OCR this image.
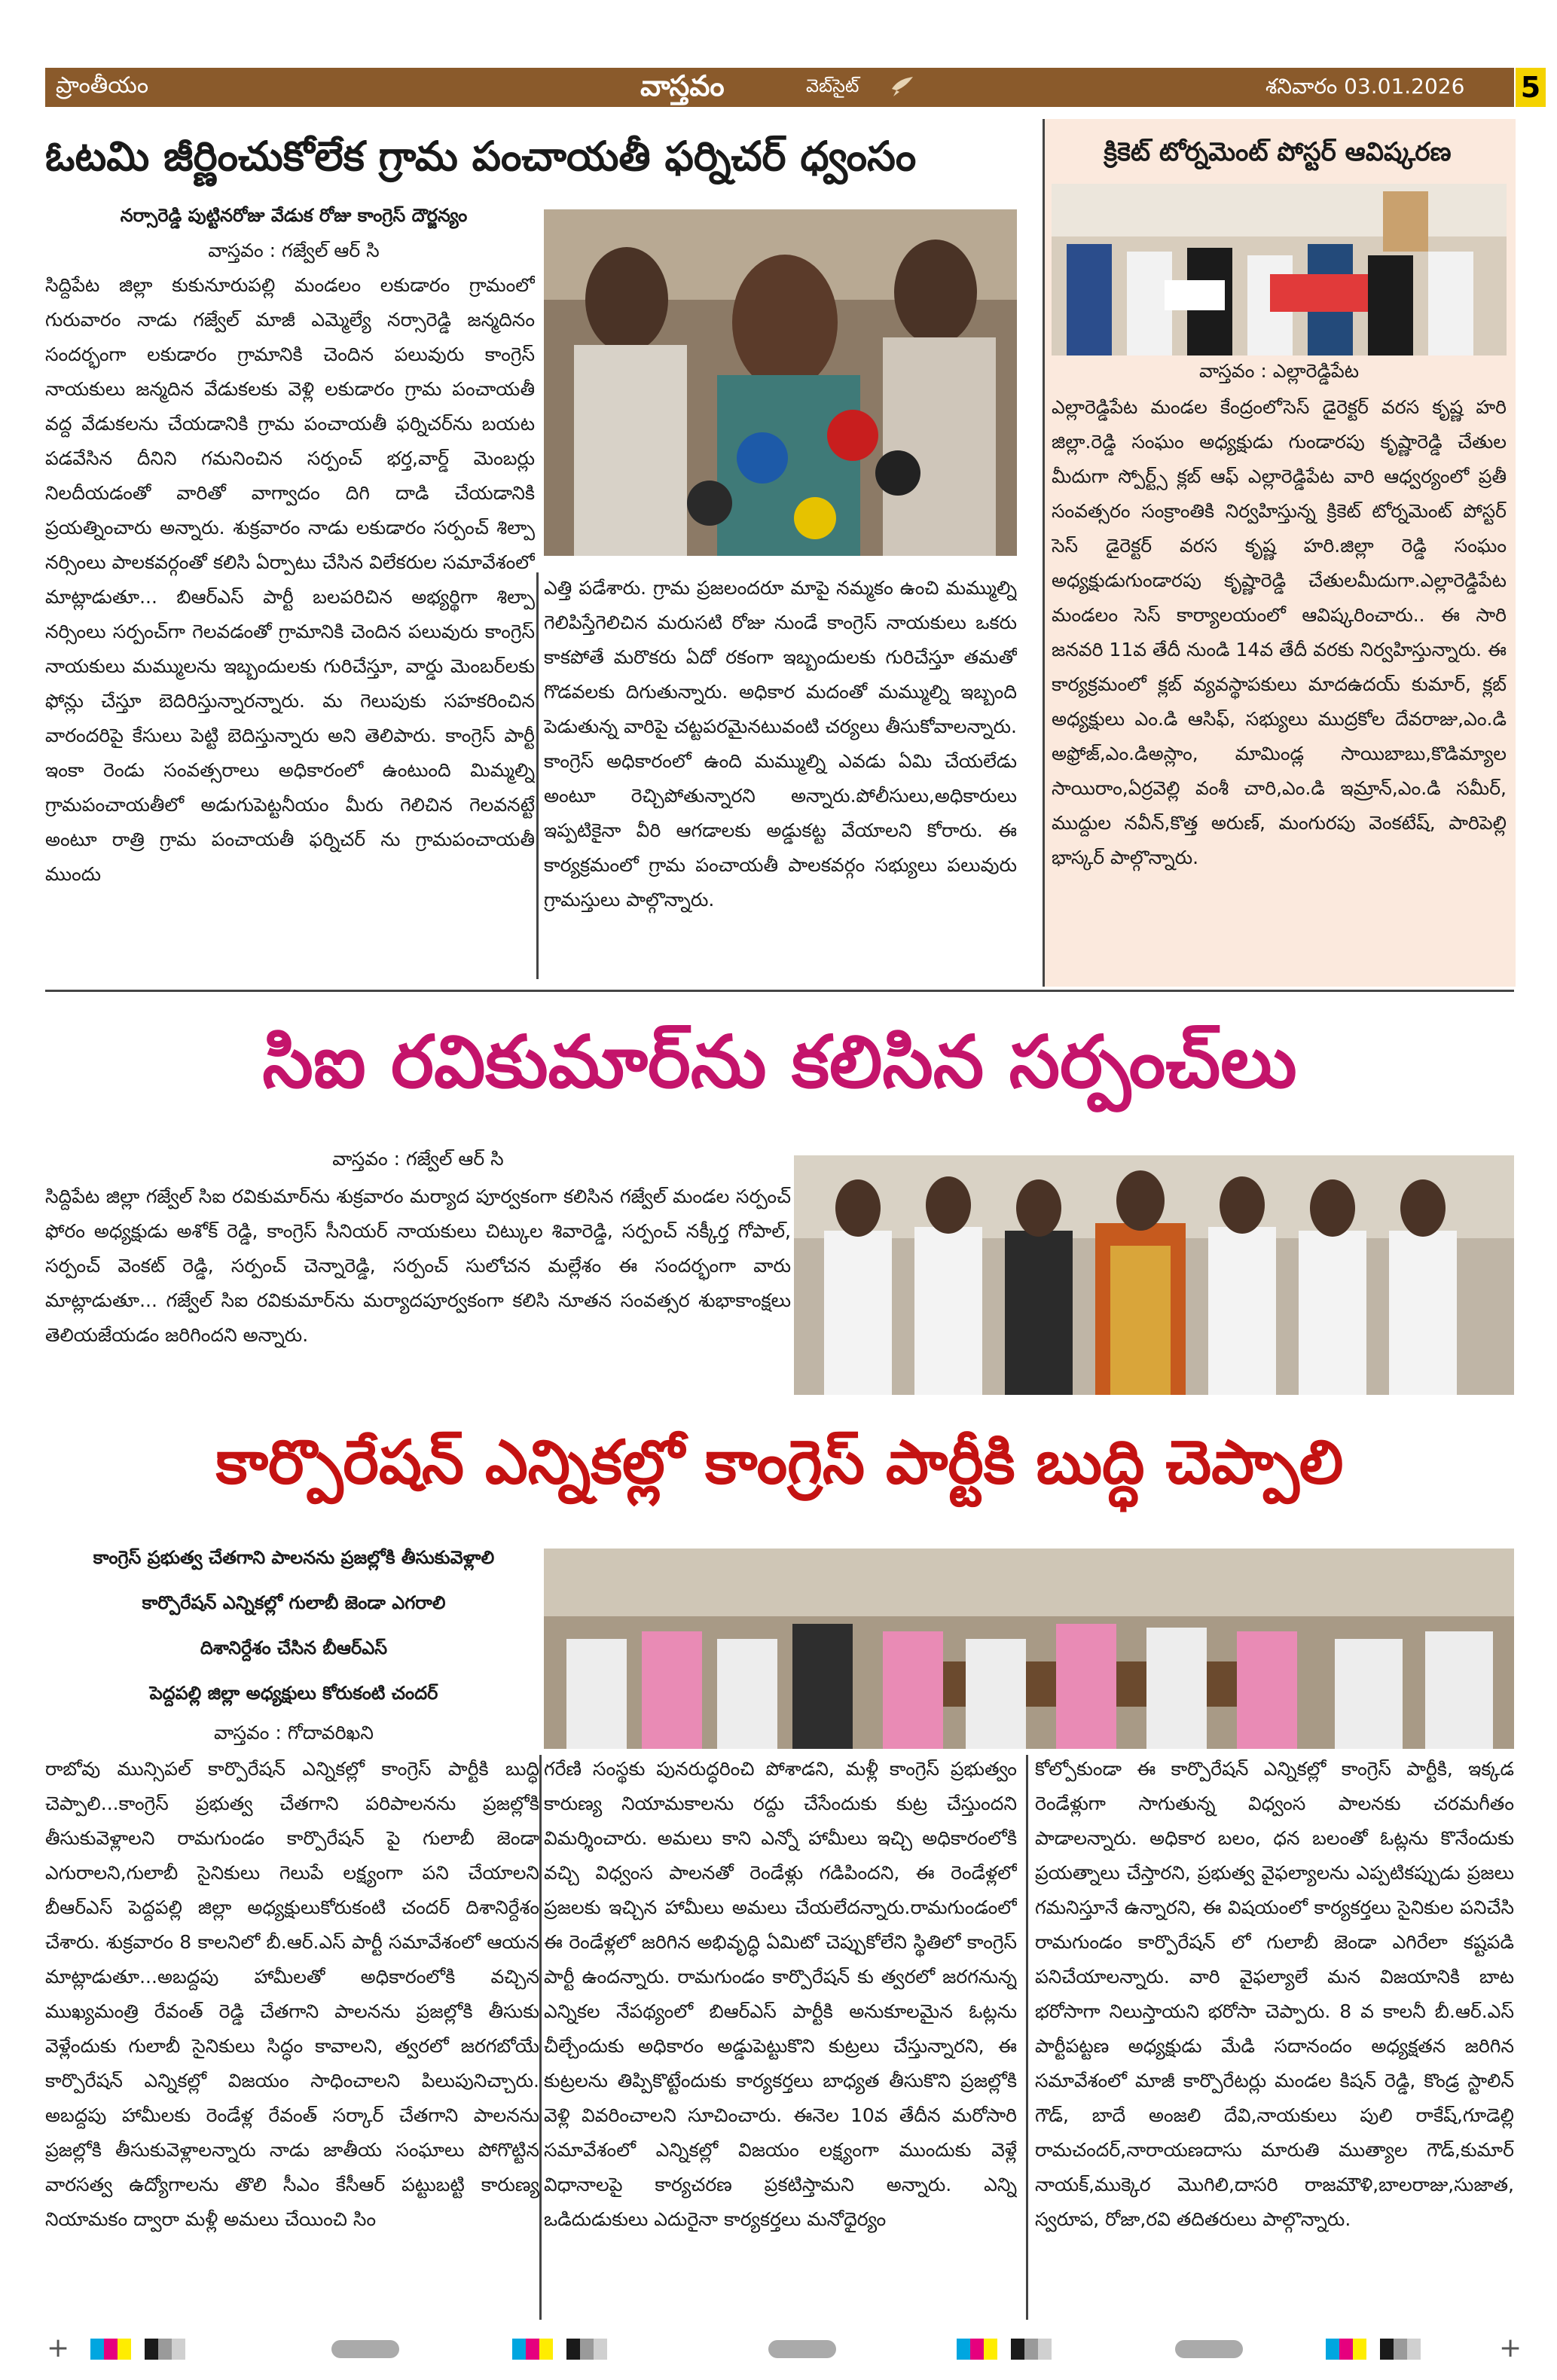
ప్రాంతీయం	వాస్తవం	వెబ్‌సైట్	శనివారం 03.01.2026 5
ఓటమి జీర్ణించుకోలేక గ్రామ పంచాయతీ ఫర్నిచర్ ధ్వంసం
నర్సారెడ్డి పుట్టినరోజు వేడుక రోజు కాంగ్రెస్ దౌర్జన్యం
వాస్తవం : గజ్వేల్ ఆర్ సి
సిద్దిపేట జిల్లా కుకునూరుపల్లి మండలం లకుడారం గ్రామంలో గురువారం నాడు గజ్వేల్ మాజీ ఎమ్మెల్యే నర్సారెడ్డి జన్మదినం సందర్భంగా లకుడారం గ్రామానికి చెందిన పలువురు కాంగ్రెస్ నాయకులు జన్మదిన వేడుకలకు వెళ్లి లకుడారం గ్రామ పంచాయతీ వద్ద వేడుకలను చేయడానికి గ్రామ పంచాయతీ ఫర్నిచర్‌ను బయట పడవేసిన దీనిని గమనించిన సర్పంచ్ భర్త,వార్డ్ మెంబర్లు నిలదీయడంతో వారితో వాగ్వాదం దిగి దాడి చేయడానికి ప్రయత్నించారు అన్నారు. శుక్రవారం నాడు లకుడారం సర్పంచ్ శిల్పా నర్సింలు పాలకవర్గంతో కలిసి ఏర్పాటు చేసిన విలేకరుల సమావేశంలో మాట్లాడుతూ... బిఆర్ఎస్ పార్టీ బలపరిచిన అభ్యర్థిగా శిల్పా నర్సింలు సర్పంచ్‌గా గెలవడంతో గ్రామానికి చెందిన పలువురు కాంగ్రెస్ నాయకులు మమ్ములను ఇబ్బందులకు గురిచేస్తూ, వార్డు మెంబర్‌లకు ఫోన్లు చేస్తూ బెదిరిస్తున్నారన్నారు. మ గెలుపుకు సహకరించిన వారందరిపై కేసులు పెట్టి బెదిస్తున్నారు అని తెలిపారు. కాంగ్రెస్ పార్టీ ఇంకా రెండు సంవత్సరాలు అధికారంలో ఉంటుంది మిమ్మల్ని గ్రామపంచాయతీలో అడుగుపెట్టనీయం మీరు గెలిచిన గెలవనట్టే అంటూ రాత్రి గ్రామ పంచాయతీ ఫర్నిచర్ ను గ్రామపంచాయతీ ముందు
ఎత్తి పడేశారు. గ్రామ ప్రజలందరూ మాపై నమ్మకం ఉంచి మమ్ముల్ని గెలిపిస్తేగెలిచిన మరుసటి రోజు నుండే కాంగ్రెస్ నాయకులు ఒకరు కాకపోతే మరొకరు ఏదో రకంగా ఇబ్బందులకు గురిచేస్తూ తమతో గొడవలకు దిగుతున్నారు. అధికార మదంతో మమ్ముల్ని ఇబ్బంది పెడుతున్న వారిపై చట్టపరమైనటువంటి చర్యలు తీసుకోవాలన్నారు. కాంగ్రెస్ అధికారంలో ఉంది మమ్ముల్ని ఎవడు ఏమి చేయలేడు అంటూ రెచ్చిపోతున్నారని అన్నారు.పోలీసులు,అధికారులు ఇప్పటికైనా వీరి ఆగడాలకు అడ్డుకట్ట వేయాలని కోరారు. ఈ కార్యక్రమంలో గ్రామ పంచాయతీ పాలకవర్గం సభ్యులు పలువురు గ్రామస్తులు పాల్గొన్నారు.
క్రికెట్ టోర్నమెంట్ పోస్టర్ ఆవిష్కరణ
వాస్తవం : ఎల్లారెడ్డిపేట
ఎల్లారెడ్డిపేట మండల కేంద్రంలోసెస్ డైరెక్టర్ వరస కృష్ణ హరి జిల్లా.రెడ్డి సంఘం అధ్యక్షుడు గుండారపు కృష్ణారెడ్డి చేతుల మీదుగా స్పోర్ట్స్ క్లబ్ ఆఫ్ ఎల్లారెడ్డిపేట వారి ఆధ్వర్యంలో ప్రతీ సంవత్సరం సంక్రాంతికి నిర్వహిస్తున్న క్రికెట్ టోర్నమెంట్ పోస్టర్ సెస్ డైరెక్టర్ వరస కృష్ణ హరి.జిల్లా రెడ్డి సంఘం అధ్యక్షుడుగుండారపు కృష్ణారెడ్డి చేతులమీదుగా.ఎల్లారెడ్డిపేట మండలం సెస్ కార్యాలయంలో ఆవిష్కరించారు.. ఈ సారి జనవరి 11వ తేదీ నుండి 14వ తేదీ వరకు నిర్వహిస్తున్నారు. ఈ కార్యక్రమంలో క్లబ్ వ్యవస్థాపకులు మాదఉదయ్ కుమార్, క్లబ్ అధ్యక్షులు ఎం.డి ఆసిఫ్, సభ్యులు ముద్రకోల దేవరాజు,ఎం.డి అఫ్రోజ్,ఎం.డిఅస్లాం, మామిండ్ల సాయిబాబు,కొడిమ్యాల సాయిరాం,ఏర్రవెల్లి వంశీ చారి,ఎం.డి ఇమ్రాన్,ఎం.డి సమీర్, ముద్దుల నవీన్,కొత్త అరుణ్, మంగురపు వెంకటేష్, పారిపెల్లి భాస్కర్ పాల్గొన్నారు.
సిఐ రవికుమార్‌ను కలిసిన సర్పంచ్‌లు
వాస్తవం : గజ్వేల్ ఆర్ సి
సిద్దిపేట జిల్లా గజ్వేల్ సిఐ రవికుమార్‌ను శుక్రవారం మర్యాద పూర్వకంగా కలిసిన గజ్వేల్ మండల సర్పంచ్ ఫోరం అధ్యక్షుడు అశోక్ రెడ్డి, కాంగ్రెస్ సీనియర్ నాయకులు చిట్కుల శివారెడ్డి, సర్పంచ్ నక్కీర్త గోపాల్, సర్పంచ్ వెంకట్ రెడ్డి, సర్పంచ్ చెన్నారెడ్డి, సర్పంచ్ సులోచన మల్లేశం ఈ సందర్భంగా వారు మాట్లాడుతూ... గజ్వేల్ సిఐ రవికుమార్‌ను మర్యాదపూర్వకంగా కలిసి నూతన సంవత్సర శుభాకాంక్షలు తెలియజేయడం జరిగిందని అన్నారు.
కార్పొరేషన్ ఎన్నికల్లో కాంగ్రెస్ పార్టీకి బుద్ధి చెప్పాలి
కాంగ్రెస్ ప్రభుత్వ చేతగాని పాలనను ప్రజల్లోకి తీసుకువెళ్లాలి
కార్పొరేషన్ ఎన్నికల్లో గులాబీ జెండా ఎగరాలి
దిశానిర్దేశం చేసిన బీఆర్ఎస్
పెద్దపల్లి జిల్లా అధ్యక్షులు కోరుకంటి చందర్
వాస్తవం : గోదావరిఖని
రాబోవు మున్సిపల్ కార్పొరేషన్ ఎన్నికల్లో కాంగ్రెస్ పార్టీకి బుద్ధి చెప్పాలి...కాంగ్రెస్ ప్రభుత్వ చేతగాని పరిపాలనను ప్రజల్లోకి తీసుకువెళ్లాలని రామగుండం కార్పొరేషన్ పై గులాబీ జెండా ఎగురాలని,గులాబీ సైనికులు గెలుపే లక్ష్యంగా పని చేయాలని బీఆర్ఎస్ పెద్దపల్లి జిల్లా అధ్యక్షులుకోరుకంటి చందర్ దిశానిర్దేశం చేశారు. శుక్రవారం 8 కాలనిలో బీ.ఆర్.ఎస్ పార్టీ సమావేశంలో ఆయన మాట్లాడుతూ...అబద్దపు హామీలతో అధికారంలోకి వచ్చిన ముఖ్యమంత్రి రేవంత్ రెడ్డి చేతగాని పాలనను ప్రజల్లోకి తీసుకు వెళ్లేందుకు గులాబీ సైనికులు సిద్ధం కావాలని, త్వరలో జరగబోయే కార్పొరేషన్ ఎన్నికల్లో విజయం సాధించాలని పిలుపునిచ్చారు. అబద్దపు హామీలకు రెండేళ్ల రేవంత్ సర్కార్ చేతగాని పాలనను ప్రజల్లోకి తీసుకువెళ్లాలన్నారు నాడు జాతీయ సంఘాలు పోగొట్టిన వారసత్వ ఉద్యోగాలను తొలి సీఎం కేసీఆర్ పట్టుబట్టి కారుణ్య నియామకం ద్వారా మళ్లీ అమలు చేయించి సిం
గరేణి సంస్థకు పునరుద్ధరించి పోశాడని, మళ్లీ కాంగ్రెస్ ప్రభుత్వం కారుణ్య నియామకాలను రద్దు చేసేందుకు కుట్ర చేస్తుందని విమర్శించారు. అమలు కాని ఎన్నో హామీలు ఇచ్చి అధికారంలోకి వచ్చి విధ్వంస పాలనతో రెండేళ్లు గడిపిందని, ఈ రెండేళ్లలో ప్రజలకు ఇచ్చిన హామీలు అమలు చేయలేదన్నారు.రామగుండంలో ఈ రెండేళ్లలో జరిగిన అభివృద్ధి ఏమిటో చెప్పుకోలేని స్థితిలో కాంగ్రెస్ పార్టీ ఉందన్నారు. రామగుండం కార్పొరేషన్ కు త్వరలో జరగనున్న ఎన్నికల నేపథ్యంలో బిఆర్ఎస్ పార్టీకి అనుకూలమైన ఓట్లను చీల్చేందుకు అధికారం అడ్డుపెట్టుకొని కుట్రలు చేస్తున్నారని, ఈ కుట్రలను తిప్పికొట్టేందుకు కార్యకర్తలు బాధ్యత తీసుకొని ప్రజల్లోకి వెళ్లి వివరించాలని సూచించారు. ఈనెల 10వ తేదీన మరోసారి సమావేశంలో ఎన్నికల్లో విజయం లక్ష్యంగా ముందుకు వెళ్లే విధానాలపై కార్యచరణ ప్రకటిస్తామని అన్నారు. ఎన్ని ఒడిదుడుకులు ఎదురైనా కార్యకర్తలు మనోధైర్యం
కోల్పోకుండా ఈ కార్పొరేషన్ ఎన్నికల్లో కాంగ్రెస్ పార్టీకి, ఇక్కడ రెండేళ్లుగా సాగుతున్న విధ్వంస పాలనకు చరమగీతం పాడాలన్నారు. అధికార బలం, ధన బలంతో ఓట్లను కొనేందుకు ప్రయత్నాలు చేస్తారని, ప్రభుత్వ వైఫల్యాలను ఎప్పటికప్పుడు ప్రజలు గమనిస్తూనే ఉన్నారని, ఈ విషయంలో కార్యకర్తలు సైనికుల పనిచేసి రామగుండం కార్పొరేషన్ లో గులాబీ జెండా ఎగిరేలా కష్టపడి పనిచేయాలన్నారు. వారి వైఫల్యాలే మన విజయానికి బాట భరోసాగా నిలుస్తాయని భరోసా చెప్పారు. 8 వ కాలనీ బీ.ఆర్.ఎస్ పార్టీపట్టణ అధ్యక్షుడు మేడి సదానందం అధ్యక్షతన జరిగిన సమావేశంలో మాజీ కార్పొరేటర్లు మండల కిషన్ రెడ్డి, కొండ్ర స్టాలిన్ గౌడ్, బాదే అంజలి దేవి,నాయకులు పులి రాకేష్,గూడెల్లి రామచందర్,నారాయణదాసు మారుతి ముత్యాల గౌడ్,కుమార్ నాయక్,ముక్కెర మొగిలి,దాసరి రాజమౌళి,బాలరాజు,సుజాత, స్వరూప, రోజా,రవి తదితరులు పాల్గొన్నారు.
+	+
